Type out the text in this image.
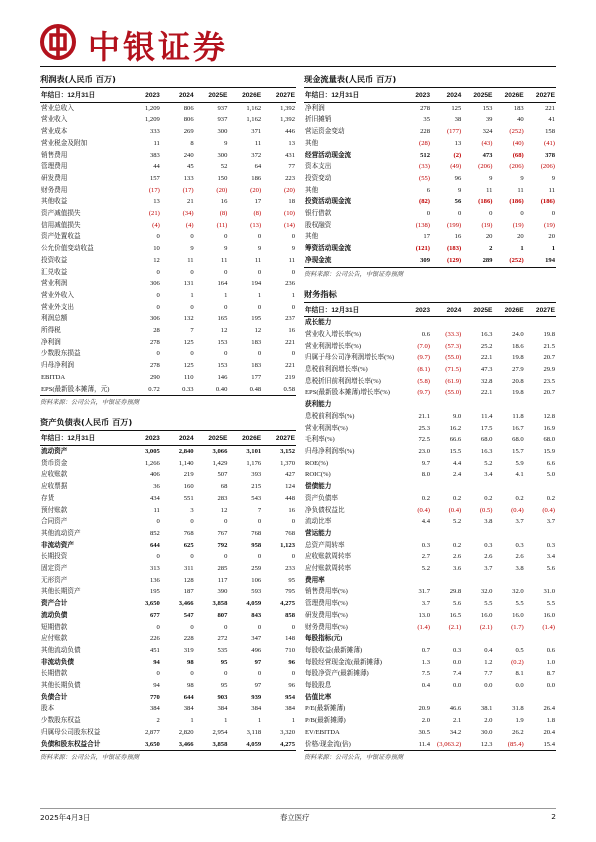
中银证券
利润表(人民币 百万)
年结日：12月31日	2023	2024	2025E	2026E	2027E
营业总收入	1,209	806	937	1,162	1,392
营业收入	1,209	806	937	1,162	1,392
营业成本	333	269	300	371	446
营业税金及附加	11	8	9	11	13
销售费用	383	240	300	372	431
管理费用	44	45	52	64	77
研发费用	157	133	150	186	223
财务费用	(17)	(17)	(20)	(20)	(20)
其他收益	13	21	16	17	18
资产减值损失	(21)	(34)	(8)	(8)	(10)
信用减值损失	(4)	(4)	(11)	(13)	(14)
资产处置收益	0	0	0	0	0
公允价值变动收益	10	9	9	9	9
投资收益	12	11	11	11	11
汇兑收益	0	0	0	0	0
营业利润	306	131	164	194	236
营业外收入	0	1	1	1	1
营业外支出	0	0	0	0	0
利润总额	306	132	165	195	237
所得税	28	7	12	12	16
净利润	278	125	153	183	221
少数股东损益	0	0	0	0	0
归母净利润	278	125	153	183	221
EBITDA	290	110	146	177	219
EPS(最新股本摊薄，元)	0.72	0.33	0.40	0.48	0.58
资料来源：公司公告，中银证券预测
资产负债表(人民币 百万)
年结日：12月31日	2023	2024	2025E	2026E	2027E
流动资产	3,005	2,840	3,066	3,101	3,152
货币资金	1,266	1,140	1,429	1,176	1,370
应收账款	406	219	507	393	427
应收票据	36	160	68	215	124
存货	434	551	283	543	448
预付账款	11	3	12	7	16
合同资产	0	0	0	0	0
其他流动资产	852	768	767	768	768
非流动资产	644	625	792	958	1,123
长期投资	0	0	0	0	0
固定资产	313	311	285	259	233
无形资产	136	128	117	106	95
其他长期资产	195	187	390	593	795
资产合计	3,650	3,466	3,858	4,059	4,275
流动负债	677	547	807	843	858
短期借款	0	0	0	0	0
应付账款	226	228	272	347	148
其他流动负债	451	319	535	496	710
非流动负债	94	98	95	97	96
长期借款	0	0	0	0	0
其他长期负债	94	98	95	97	96
负债合计	770	644	903	939	954
股本	384	384	384	384	384
少数股东权益	2	1	1	1	1
归属母公司股东权益	2,877	2,820	2,954	3,118	3,320
负债和股东权益合计	3,650	3,466	3,858	4,059	4,275
资料来源：公司公告，中银证券预测
现金流量表(人民币 百万)
年结日：12月31日	2023	2024	2025E	2026E	2027E
净利润	278	125	153	183	221
折旧摊销	35	38	39	40	41
营运资金变动	228	(177)	324	(252)	158
其他	(28)	13	(43)	(40)	(41)
经营活动现金流	512	(2)	473	(68)	378
资本支出	(33)	(49)	(206)	(206)	(206)
投资变动	(55)	96	9	9	9
其他	6	9	11	11	11
投资活动现金流	(82)	56	(186)	(186)	(186)
银行借款	0	0	0	0	0
股权融资	(138)	(199)	(19)	(19)	(19)
其他	17	16	20	20	20
筹资活动现金流	(121)	(183)	2	1	1
净现金流	309	(129)	289	(252)	194
资料来源：公司公告，中银证券预测
财务指标
年结日：12月31日	2023	2024	2025E	2026E	2027E
成长能力					
营业收入增长率(%)	0.6	(33.3)	16.3	24.0	19.8
营业利润增长率(%)	(7.0)	(57.3)	25.2	18.6	21.5
归属于母公司净利润增长率(%)	(9.7)	(55.0)	22.1	19.8	20.7
息税前利润增长率(%)	(8.1)	(71.5)	47.3	27.9	29.9
息税折旧前利润增长率(%)	(5.8)	(61.9)	32.8	20.8	23.5
EPS(最新股本摊薄)增长率(%)	(9.7)	(55.0)	22.1	19.8	20.7
获利能力					
息税前利润率(%)	21.1	9.0	11.4	11.8	12.8
营业利润率(%)	25.3	16.2	17.5	16.7	16.9
毛利率(%)	72.5	66.6	68.0	68.0	68.0
归母净利润率(%)	23.0	15.5	16.3	15.7	15.9
ROE(%)	9.7	4.4	5.2	5.9	6.6
ROIC(%)	8.0	2.4	3.4	4.1	5.0
偿债能力					
资产负债率	0.2	0.2	0.2	0.2	0.2
净负债权益比	(0.4)	(0.4)	(0.5)	(0.4)	(0.4)
流动比率	4.4	5.2	3.8	3.7	3.7
营运能力					
总资产周转率	0.3	0.2	0.3	0.3	0.3
应收账款周转率	2.7	2.6	2.6	2.6	3.4
应付账款周转率	5.2	3.6	3.7	3.8	5.6
费用率					
销售费用率(%)	31.7	29.8	32.0	32.0	31.0
管理费用率(%)	3.7	5.6	5.5	5.5	5.5
研发费用率(%)	13.0	16.5	16.0	16.0	16.0
财务费用率(%)	(1.4)	(2.1)	(2.1)	(1.7)	(1.4)
每股指标(元)					
每股收益(最新摊薄)	0.7	0.3	0.4	0.5	0.6
每股经营现金流(最新摊薄)	1.3	0.0	1.2	(0.2)	1.0
每股净资产(最新摊薄)	7.5	7.4	7.7	8.1	8.7
每股股息	0.4	0.0	0.0	0.0	0.0
估值比率					
P/E(最新摊薄)	20.9	46.6	38.1	31.8	26.4
P/B(最新摊薄)	2.0	2.1	2.0	1.9	1.8
EV/EBITDA	30.5	34.2	30.0	26.2	20.4
价格/现金流(倍)	11.4	(3,063.2)	12.3	(85.4)	15.4
资料来源：公司公告，中银证券预测
2025年4月3日	春立医疗	2
